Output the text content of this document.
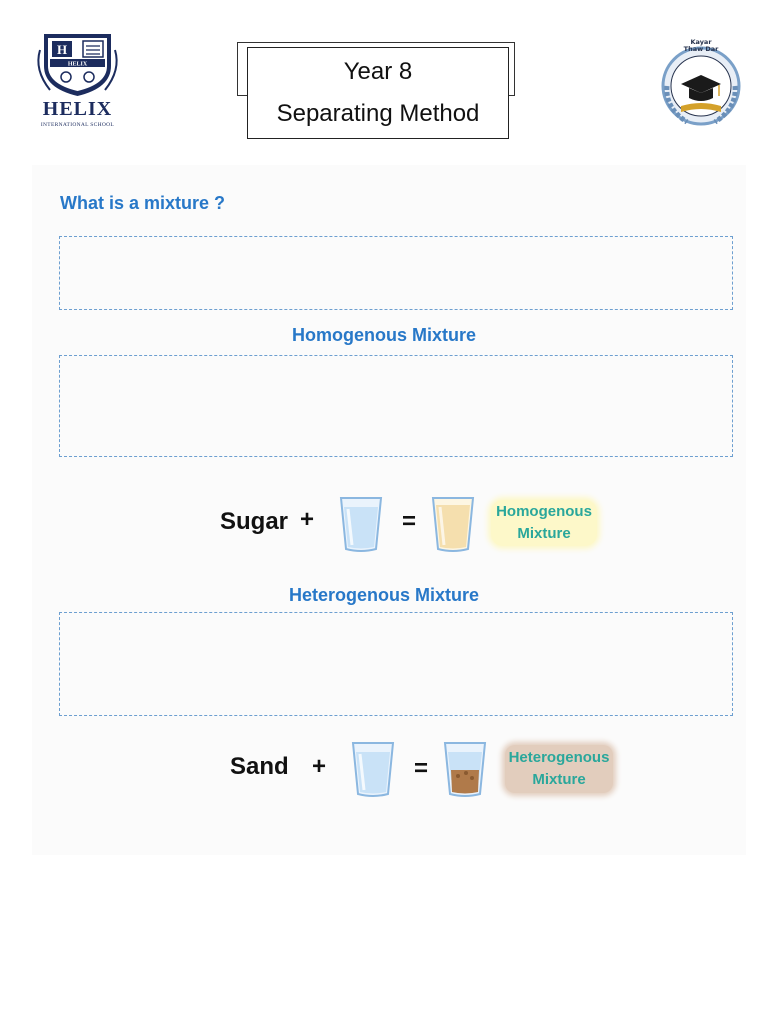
H
HELIX
HELIX
INTERNATIONAL SCHOOL
Year 8
Separating Method
Kayar
Thaw Dar
What is a mixture ?
Homogenous Mixture
Sugar +	=	Homogenous
Mixture
Heterogenous Mixture
Sand +	=	Heterogenous
Mixture
